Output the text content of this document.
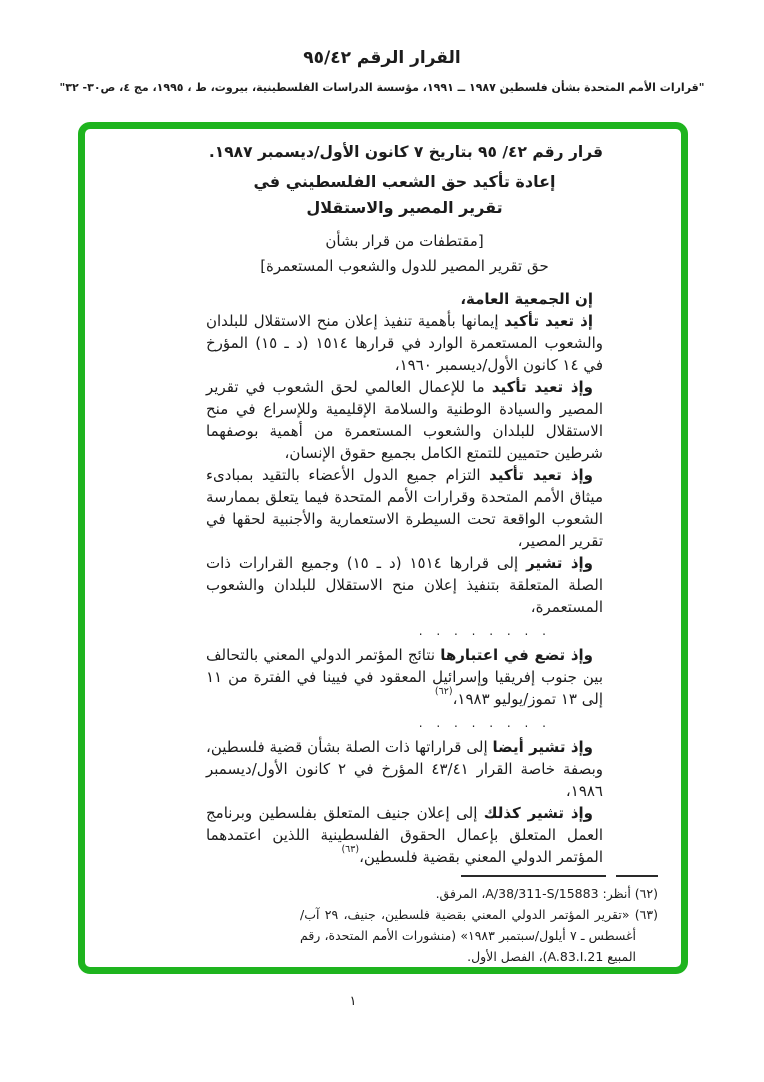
القرار الرقم ٤٢/‏٩٥
"قرارات الأمم المتحدة بشأن فلسطين ١٩٨٧ ــ ١٩٩١، مؤسسة الدراسات الفلسطينية، بيروت، ط ، ١٩٩٥، مج ٤، ص٣٠- ٣٢"
قرار رقم ٤٢/ ٩٥ بتاريخ ٧ كانون الأول/ديسمبر ١٩٨٧.
إعادة تأكيد حق الشعب الفلسطيني في
تقرير المصير والاستقلال
[مقتطفات من قرار بشأن
حق تقرير المصير للدول والشعوب المستعمرة]
إن الجمعية العامة،
إذ تعيد تأكيد إيمانها بأهمية تنفيذ إعلان منح الاستقلال للبلدان والشعوب المستعمرة الوارد في قرارها ١٥١٤ (د ـ ١٥) المؤرخ في ١٤ كانون الأول/ديسمبر ١٩٦٠،
وإذ تعيد تأكيد ما للإعمال العالمي لحق الشعوب في تقرير المصير والسيادة الوطنية والسلامة الإقليمية وللإسراع في منح الاستقلال للبلدان والشعوب المستعمرة من أهمية بوصفهما شرطين حتميين للتمتع الكامل بجميع حقوق الإنسان،
وإذ تعيد تأكيد التزام جميع الدول الأعضاء بالتقيد بمبادىء ميثاق الأمم المتحدة وقرارات الأمم المتحدة فيما يتعلق بممارسة الشعوب الواقعة تحت السيطرة الاستعمارية والأجنبية لحقها في تقرير المصير،
وإذ تشير إلى قرارها ١٥١٤ (د ـ ١٥) وجميع القرارات ذات الصلة المتعلقة بتنفيذ إعلان منح الاستقلال للبلدان والشعوب المستعمرة،
. . . . . . . .
وإذ تضع في اعتبارها نتائج المؤتمر الدولي المعني بالتحالف بين جنوب إفريقيا وإسرائيل المعقود في فيينا في الفترة من ١١ إلى ١٣ تموز/يوليو ١٩٨٣،$^{(٦٢)}$
. . . . . . . .
وإذ تشير أيضا إلى قراراتها ذات الصلة بشأن قضية فلسطين، وبصفة خاصة القرار ٤١/‏٤٣ المؤرخ في ٢ كانون الأول/ديسمبر ١٩٨٦،
وإذ تشير كذلك إلى إعلان جنيف المتعلق بفلسطين وبرنامج العمل المتعلق بإعمال الحقوق الفلسطينية اللذين اعتمدهما المؤتمر الدولي المعني بقضية فلسطين،$^{(٦٣)}$
(٦٢) أنظر: A/38/311-S/15883، المرفق.
(٦٣) «تقرير المؤتمر الدولي المعني بقضية فلسطين، جنيف، ٢٩ آب/أغسطس ـ ٧ أيلول/سبتمبر ١٩٨٣» (منشورات الأمم المتحدة، رقم المبيع A.83.I.21)، الفصل الأول.
١
